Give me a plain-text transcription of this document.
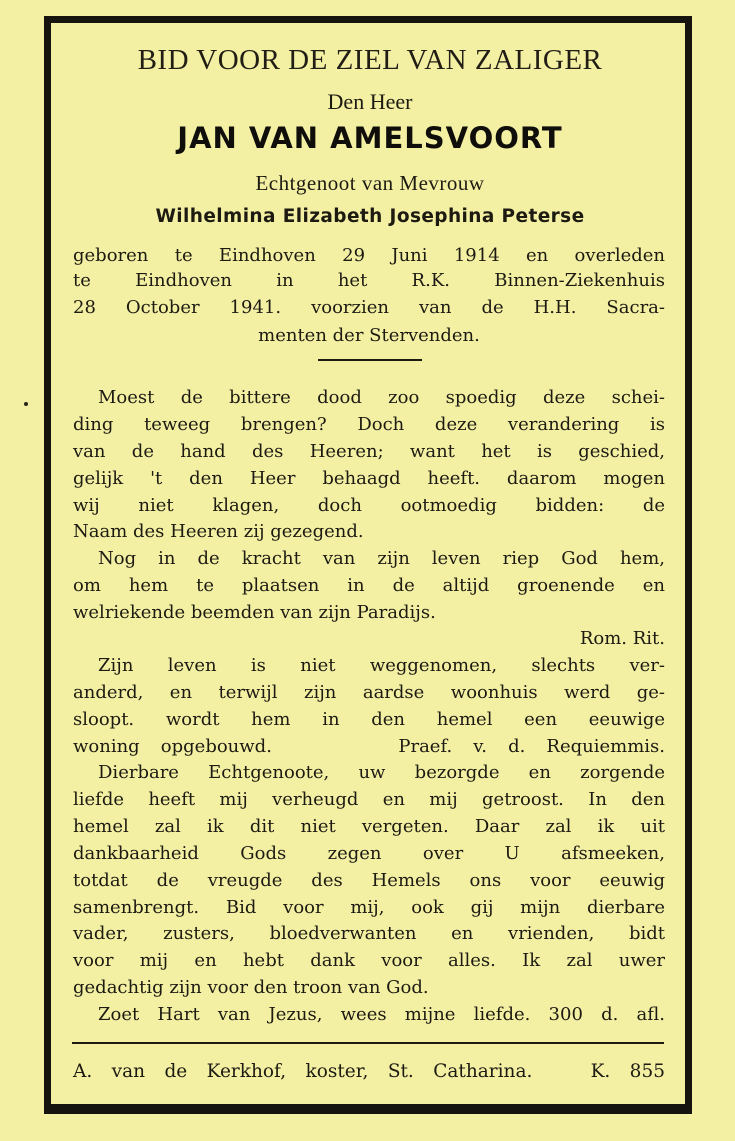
BID VOOR DE ZIEL VAN ZALIGER
Den Heer
JAN VAN AMELSVOORT
Echtgenoot van Mevrouw
Wilhelmina Elizabeth Josephina Peterse
geboren te Eindhoven 29 Juni 1914 en overleden
te Eindhoven in het R.K. Binnen-Ziekenhuis
28 October 1941. voorzien van de H.H. Sacra-
menten der Stervenden.
Moest de bittere dood zoo spoedig deze schei-
ding teweeg brengen? Doch deze verandering is
van de hand des Heeren; want het is geschied,
gelijk 't den Heer behaagd heeft. daarom mogen
wij niet klagen, doch ootmoedig bidden: de
Naam des Heeren zij gezegend.
Nog in de kracht van zijn leven riep God hem,
om hem te plaatsen in de altijd groenende en
welriekende beemden van zijn Paradijs.
Rom. Rit.
Zijn leven is niet weggenomen, slechts ver-
anderd, en terwijl zijn aardse woonhuis werd ge-
sloopt. wordt hem in den hemel een eeuwige
woning opgebouwd.      Praef. v. d. Requiemmis.
Dierbare Echtgenoote, uw bezorgde en zorgende
liefde heeft mij verheugd en mij getroost. In den
hemel zal ik dit niet vergeten. Daar zal ik uit
dankbaarheid Gods zegen over U afsmeeken,
totdat de vreugde des Hemels ons voor eeuwig
samenbrengt. Bid voor mij, ook gij mijn dierbare
vader, zusters, bloedverwanten en vrienden, bidt
voor mij en hebt dank voor alles. Ik zal uwer
gedachtig zijn voor den troon van God.
Zoet Hart van Jezus, wees mijne liefde. 300 d. afl.
A. van de Kerkhof, koster, St. Catharina.   K. 855
